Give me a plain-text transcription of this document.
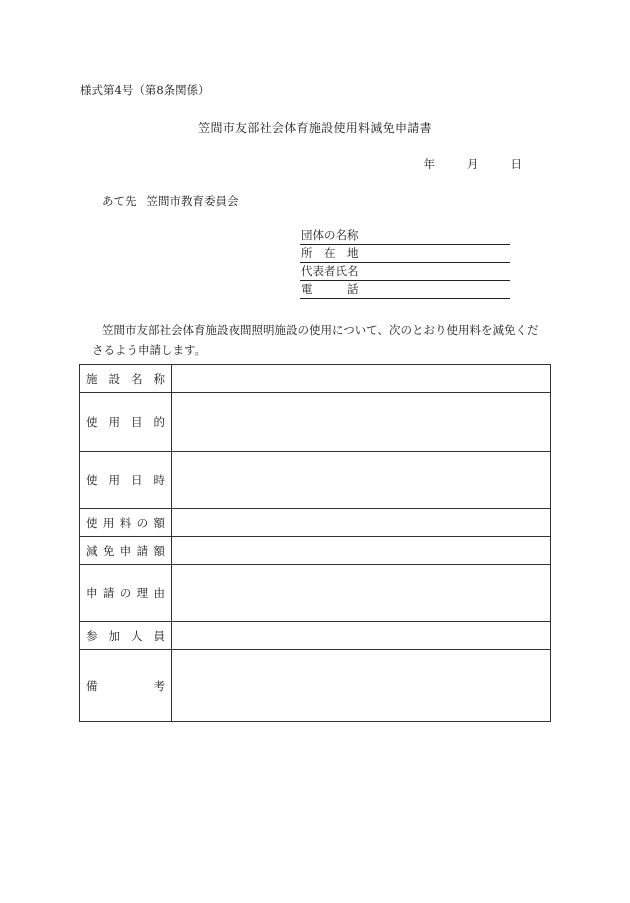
様式第4号（第8条関係）
笠間市友部社会体育施設使用料減免申請書
年	月	日
あて先 笠間市教育委員会
団体の名称
所　在　地
代表者氏名
電　　　話
笠間市友部社会体育施設夜間照明施設の使用について、次のとおり使用料を減免くだ
さるよう申請します。
施 設 名 称	

使 用 目 的	

使 用 日 時	

使 用 料 の 額	

減 免 申 請 額	

申 請 の 理 由	

参 加 人 員	

備 考	
